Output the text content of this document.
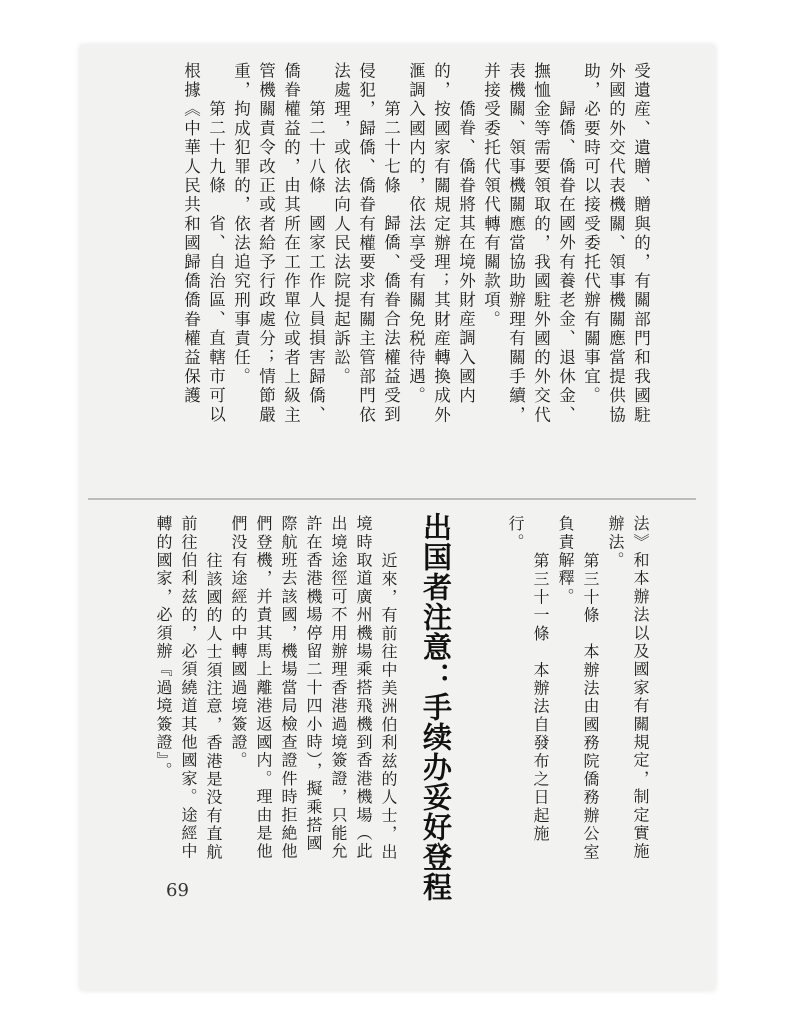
受遺産、遺贈、贈與的，有關部門和我國駐
外國的外交代表機關、領事機關應當提供協
助，必要時可以接受委托代辦有關事宜。
歸僑、僑眷在國外有養老金、退休金、
撫恤金等需要領取的，我國駐外國的外交代
表機關、領事機關應當協助辦理有關手續，
并接受委托代領代轉有關款項。
僑眷、僑眷將其在境外財産調入國内
的，按國家有關規定辦理；其財産轉換成外
滙調入國内的，依法享受有關免税待遇。
第二十七條　歸僑、僑眷合法權益受到
侵犯，歸僑、僑眷有權要求有關主管部門依
法處理，或依法向人民法院提起訴訟。
第二十八條　國家工作人員損害歸僑、
僑眷權益的，由其所在工作單位或者上級主
管機關責令改正或者給予行政處分；情節嚴
重，拘成犯罪的，依法追究刑事責任。
第二十九條　省、自治區、直轄市可以
根據《中華人民共和國歸僑僑眷權益保護
法》和本辦法以及國家有關規定，制定實施
辦法。
第三十條　本辦法由國務院僑務辦公室
負責解釋。
第三十一條　本辦法自發布之日起施
行。
出国者注意：手续办妥好登程
近來，有前往中美洲伯利兹的人士，出
境時取道廣州機場乘搭飛機到香港機場（此
出境途徑可不用辦理香港過境簽證，只能允
許在香港機場停留二十四小時），擬乘搭國
際航班去該國，機場當局檢查證件時拒絶他
們登機，并責其馬上離港返國内。理由是他
們没有途經的中轉國過境簽證。
往該國的人士須注意，香港是没有直航
前往伯利兹的，必須繞道其他國家。途經中
轉的國家，必須辦『過境簽證』。
69
